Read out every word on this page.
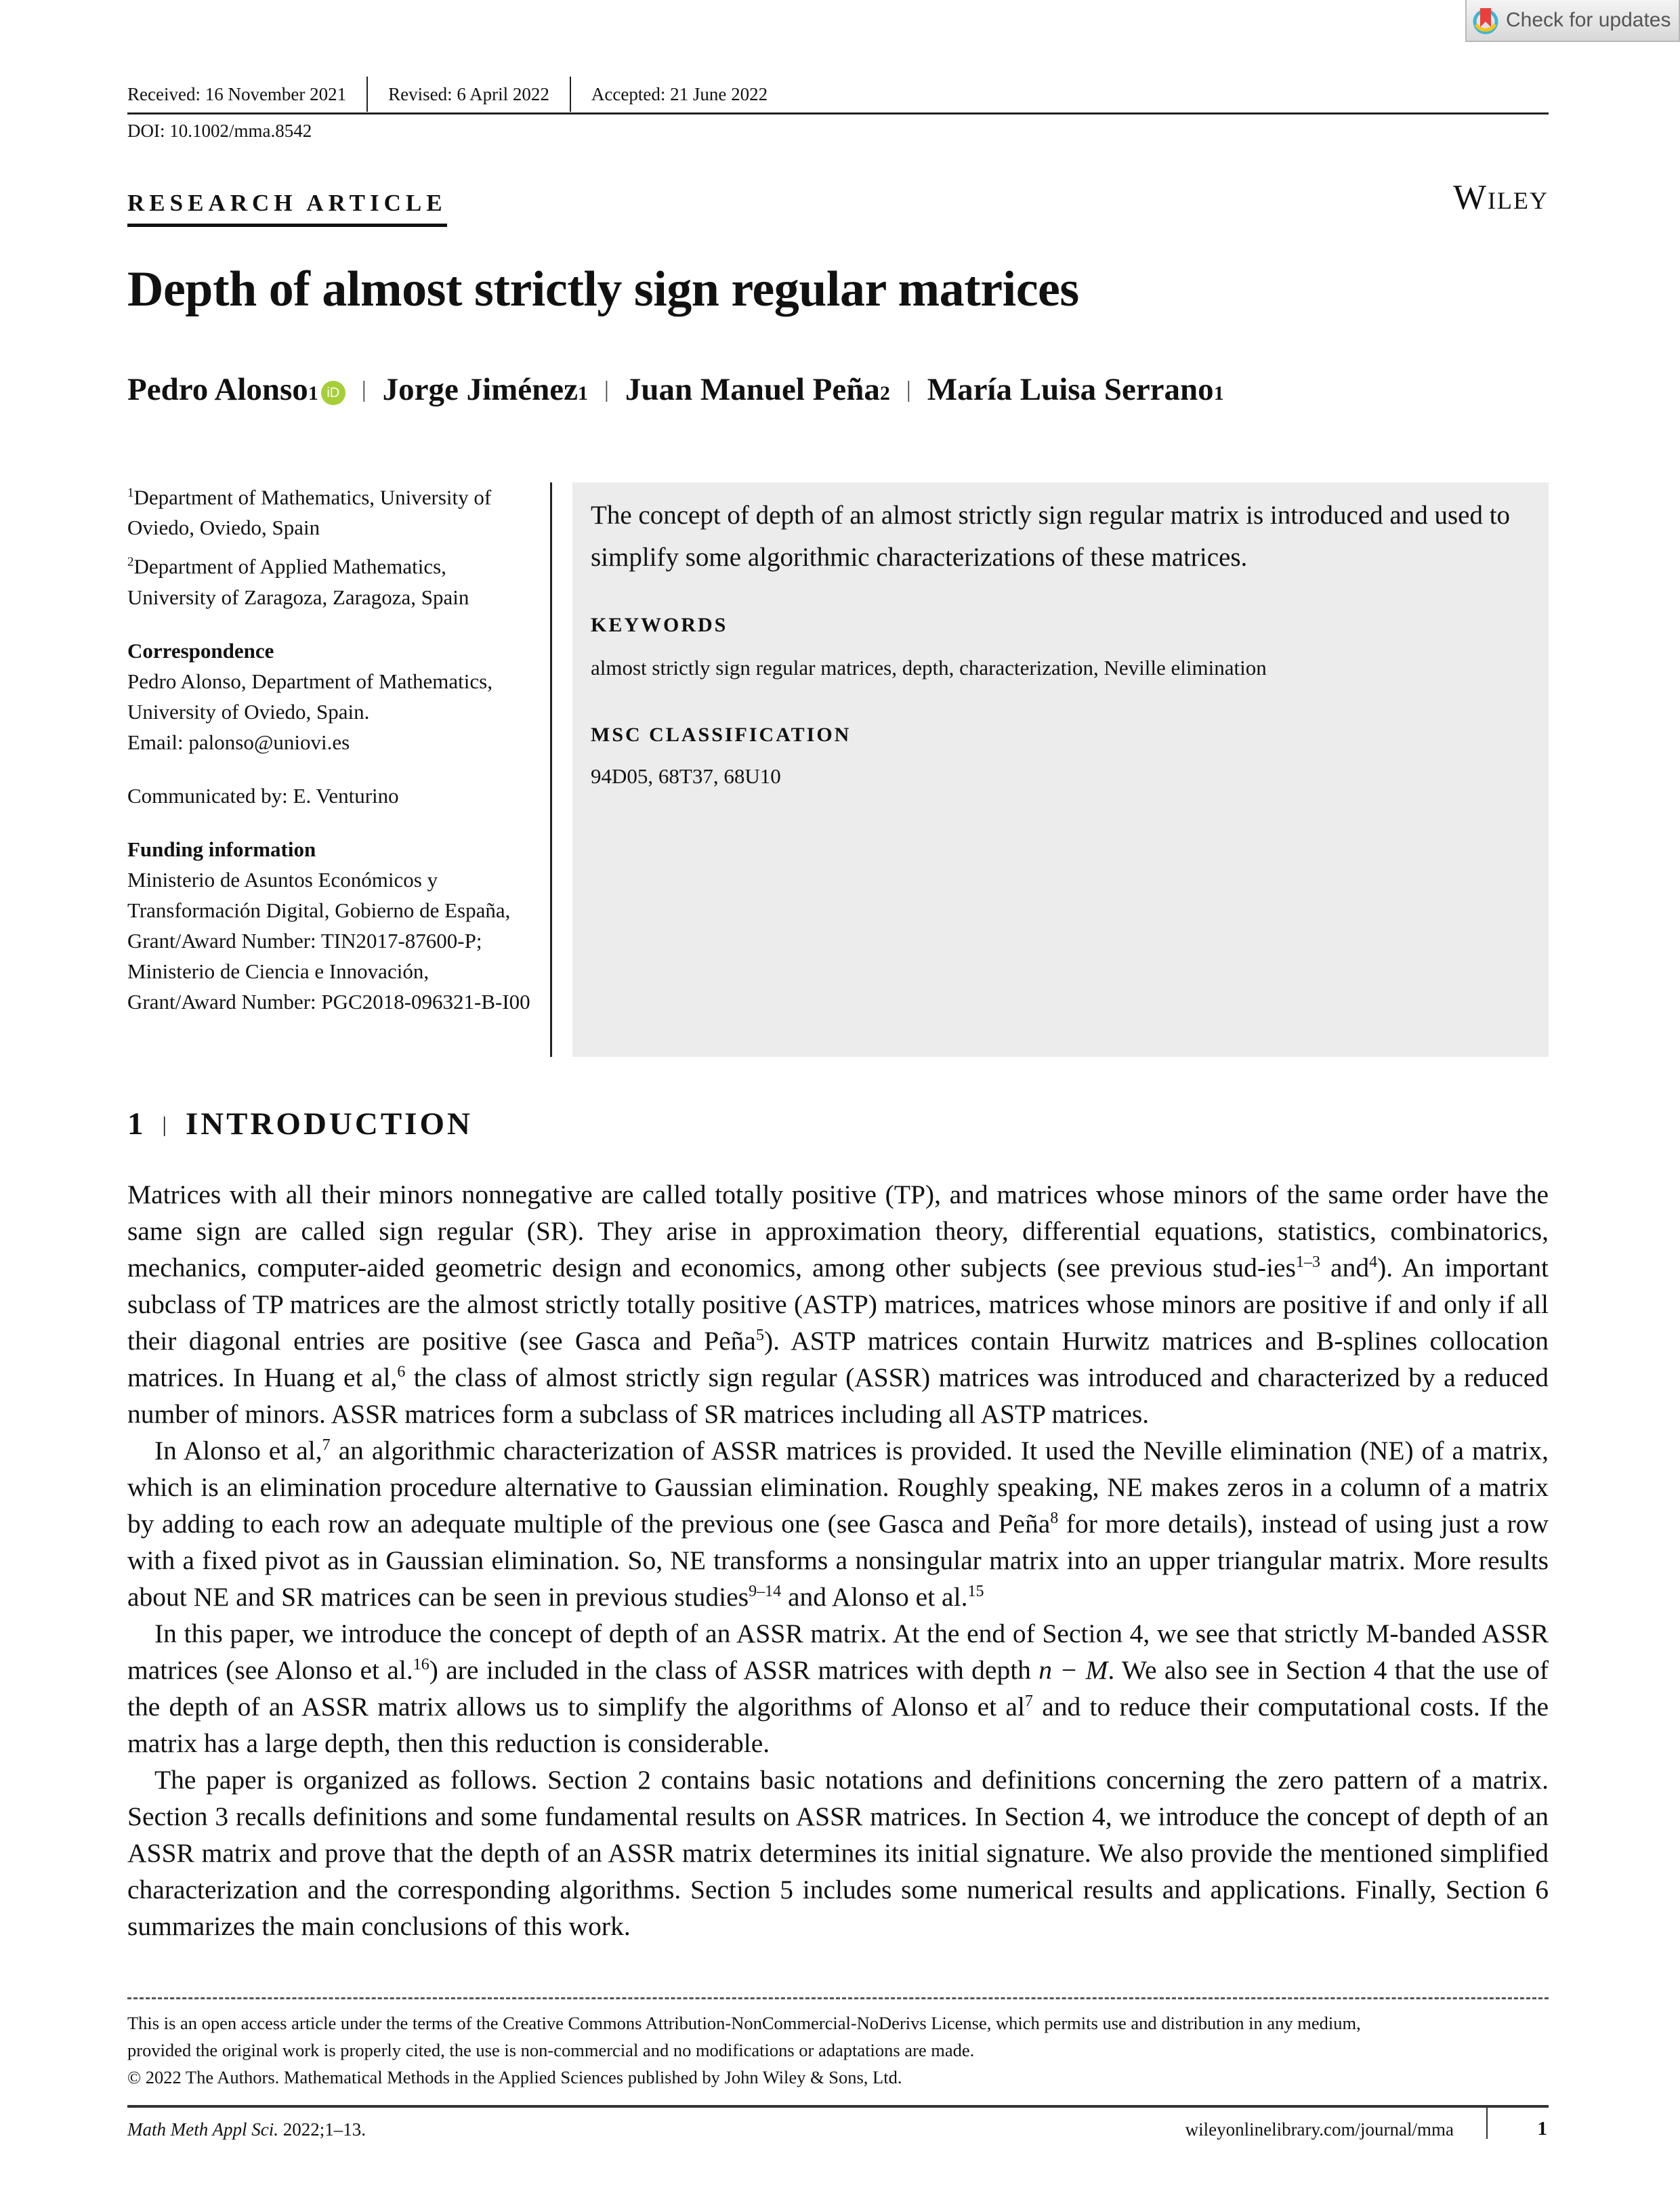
Check for updates
Received: 16 November 2021	Revised: 6 April 2022	Accepted: 21 June 2022
DOI: 10.1002/mma.8542
RESEARCH ARTICLE	Wiley
Depth of almost strictly sign regular matrices
Pedro Alonso 1 iD | Jorge Jiménez 1 | Juan Manuel Peña 2 | María Luisa Serrano 1

$^1$Department of Mathematics, University of Oviedo, Oviedo, Spain

$^2$Department of Applied Mathematics, University of Zaragoza, Zaragoza, Spain

Correspondence

Pedro Alonso, Department of Mathematics, University of Oviedo, Spain.

Email: palonso@uniovi.es

Communicated by: E. Venturino

Funding information

Ministerio de Asuntos Económicos y Transformación Digital, Gobierno de España, Grant/Award Number: TIN2017-87600-P; Ministerio de Ciencia e Innovación, Grant/Award Number: PGC2018-096321-B-I00

The concept of depth of an almost strictly sign regular matrix is introduced and used to simplify some algorithmic characterizations of these matrices.
KEYWORDS
almost strictly sign regular matrices, depth, characterization, Neville elimination
MSC CLASSIFICATION
94D05, 68T37, 68U10
1 | INTRODUCTION

Matrices with all their minors nonnegative are called totally positive (TP), and matrices whose minors of the same order have the same sign are called sign regular (SR). They arise in approximation theory, differential equations, statistics, combinatorics, mechanics, computer-aided geometric design and economics, among other subjects (see previous stud-ies$^{1-3}$ and$^4$). An important subclass of TP matrices are the almost strictly totally positive (ASTP) matrices, matrices whose minors are positive if and only if all their diagonal entries are positive (see Gasca and Peña$^5$). ASTP matrices contain Hurwitz matrices and B-splines collocation matrices. In Huang et al,$^6$ the class of almost strictly sign regular (ASSR) matrices was introduced and characterized by a reduced number of minors. ASSR matrices form a subclass of SR matrices including all ASTP matrices.

In Alonso et al,$^7$ an algorithmic characterization of ASSR matrices is provided. It used the Neville elimination (NE) of a matrix, which is an elimination procedure alternative to Gaussian elimination. Roughly speaking, NE makes zeros in a column of a matrix by adding to each row an adequate multiple of the previous one (see Gasca and Peña$^8$ for more details), instead of using just a row with a fixed pivot as in Gaussian elimination. So, NE transforms a nonsingular matrix into an upper triangular matrix. More results about NE and SR matrices can be seen in previous studies$^{9-14}$ and Alonso et al.$^{15}$

In this paper, we introduce the concept of depth of an ASSR matrix. At the end of Section 4, we see that strictly M-banded ASSR matrices (see Alonso et al.$^{16}$) are included in the class of ASSR matrices with depth n − M. We also see in Section 4 that the use of the depth of an ASSR matrix allows us to simplify the algorithms of Alonso et $al^7$ and to reduce their computational costs. If the matrix has a large depth, then this reduction is considerable.

The paper is organized as follows. Section 2 contains basic notations and definitions concerning the zero pattern of a matrix. Section 3 recalls definitions and some fundamental results on ASSR matrices. In Section 4, we introduce the concept of depth of an ASSR matrix and prove that the depth of an ASSR matrix determines its initial signature. We also provide the mentioned simplified characterization and the corresponding algorithms. Section 5 includes some numerical results and applications. Finally, Section 6 summarizes the main conclusions of this work.

This is an open access article under the terms of the Creative Commons Attribution-NonCommercial-NoDerivs License, which permits use and distribution in any medium,

provided the original work is properly cited, the use is non-commercial and no modifications or adaptations are made.

© 2022 The Authors. Mathematical Methods in the Applied Sciences published by John Wiley & Sons, Ltd.

Math Meth Appl Sci. 2022;1–13.	wileyonlinelibrary.com/journal/mma	1
